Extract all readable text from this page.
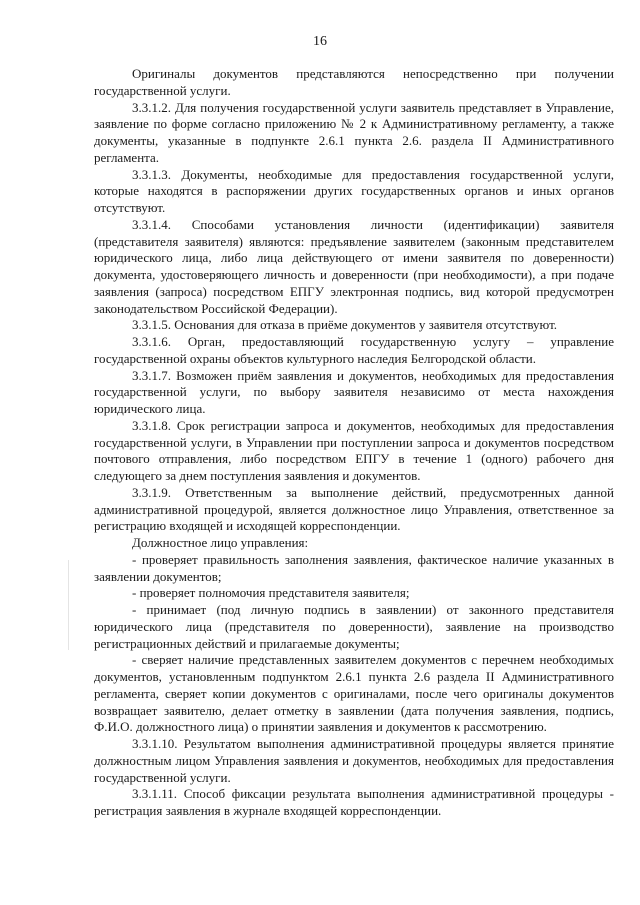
16

Оригиналы документов представляются непосредственно при получении государственной услуги.

3.3.1.2. Для получения государственной услуги заявитель представляет в Управление, заявление по форме согласно приложению № 2 к Административному регламенту, а также документы, указанные в подпункте 2.6.1 пункта 2.6. раздела II Административного регламента.

3.3.1.3. Документы, необходимые для предоставления государственной услуги, которые находятся в распоряжении других государственных органов и иных органов отсутствуют.

3.3.1.4. Способами установления личности (идентификации) заявителя (представителя заявителя) являются: предъявление заявителем (законным представителем юридического лица, либо лица действующего от имени заявителя по доверенности) документа, удостоверяющего личность и доверенности (при необходимости), а при подаче заявления (запроса) посредством ЕПГУ электронная подпись, вид которой предусмотрен законодательством Российской Федерации).

3.3.1.5. Основания для отказа в приёме документов у заявителя отсутствуют.

3.3.1.6. Орган, предоставляющий государственную услугу – управление государственной охраны объектов культурного наследия Белгородской области.

3.3.1.7. Возможен приём заявления и документов, необходимых для предоставления государственной услуги, по выбору заявителя независимо от места нахождения юридического лица.

3.3.1.8. Срок регистрации запроса и документов, необходимых для предоставления государственной услуги, в Управлении при поступлении запроса и документов посредством почтового отправления, либо посредством ЕПГУ в течение 1 (одного) рабочего дня следующего за днем поступления заявления и документов.

3.3.1.9. Ответственным за выполнение действий, предусмотренных данной административной процедурой, является должностное лицо Управления, ответственное за регистрацию входящей и исходящей корреспонденции.

Должностное лицо управления:

- проверяет правильность заполнения заявления, фактическое наличие указанных в заявлении документов;

- проверяет полномочия представителя заявителя;

- принимает (под личную подпись в заявлении) от законного представителя юридического лица (представителя по доверенности), заявление на производство регистрационных действий и прилагаемые документы;

- сверяет наличие представленных заявителем документов с перечнем необходимых документов, установленным подпунктом 2.6.1 пункта 2.6 раздела II Административного регламента, сверяет копии документов с оригиналами, после чего оригиналы документов возвращает заявителю, делает отметку в заявлении (дата получения заявления, подпись, Ф.И.О. должностного лица) о принятии заявления и документов к рассмотрению.

3.3.1.10. Результатом выполнения административной процедуры является принятие должностным лицом Управления заявления и документов, необходимых для предоставления государственной услуги.

3.3.1.11. Способ фиксации результата выполнения административной процедуры - регистрация заявления в журнале входящей корреспонденции.
